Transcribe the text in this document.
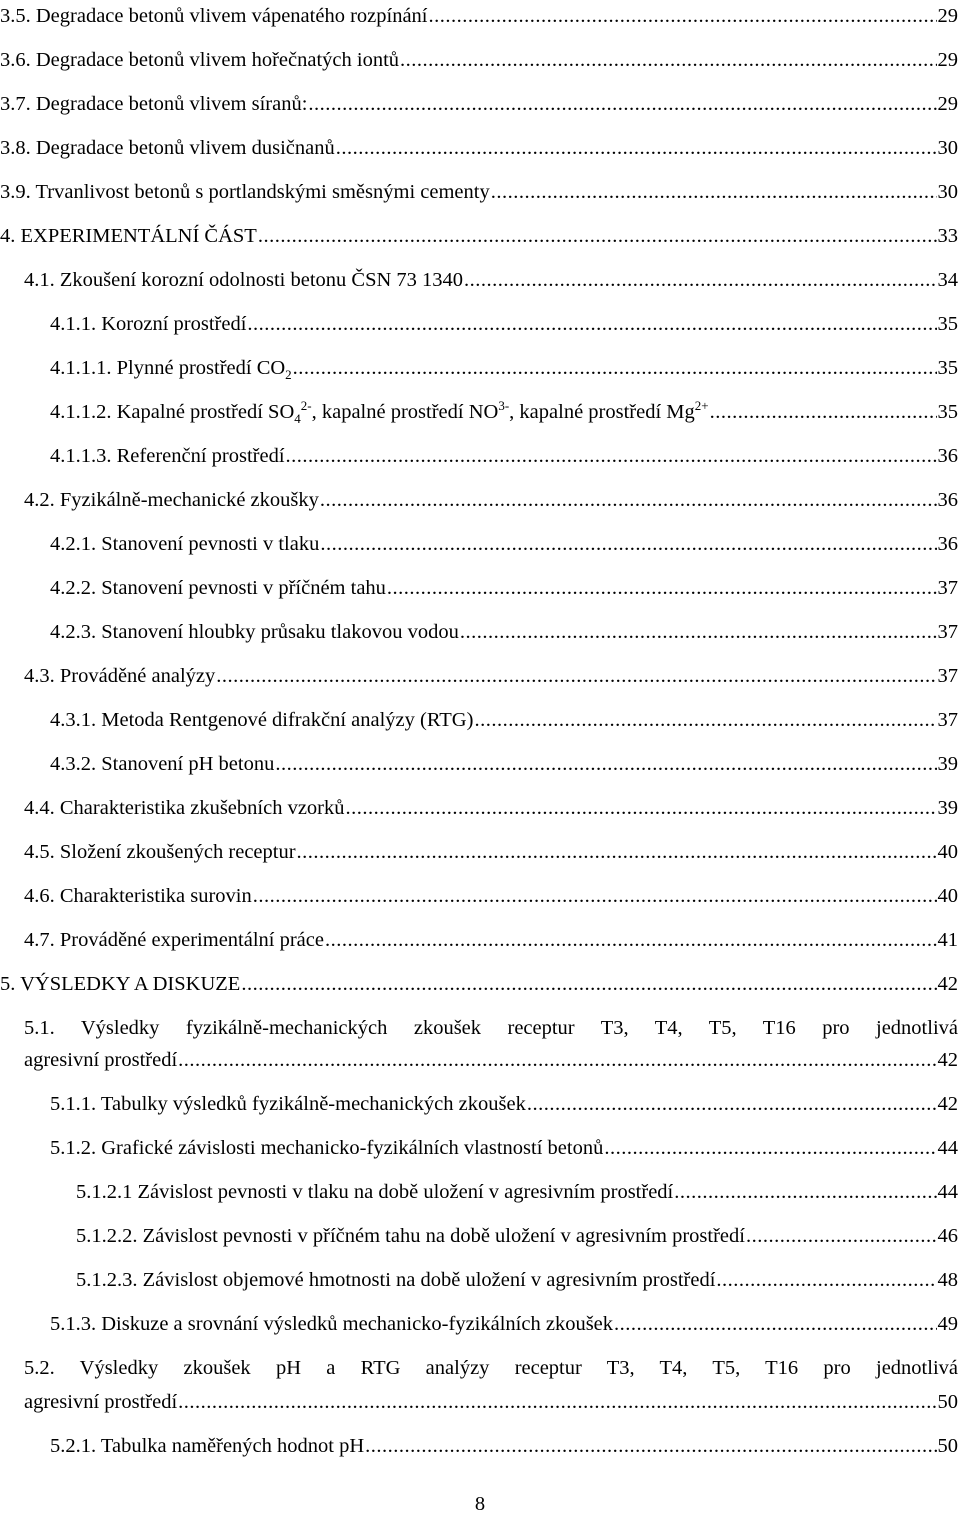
3.5. Degradace betonů vlivem vápenatého rozpínání .....	29
3.6. Degradace betonů vlivem hořečnatých iontů .....	29
3.7. Degradace betonů vlivem síranů: .....	29
3.8. Degradace betonů vlivem dusičnanů .....	30
3.9. Trvanlivost betonů s portlandskými směsnými cementy .....	30
4. EXPERIMENTÁLNÍ ČÁST .....	33
4.1. Zkoušení korozní odolnosti betonu ČSN 73 1340 .....	34
4.1.1. Korozní prostředí .....	35
4.1.1.1. Plynné prostředí $CO_2$ .....	35
4.1.1.2. Kapalné prostředí $SO_4^{2-}$, kapalné prostředí $NO^{3-}$, kapalné prostředí $Mg^{2+}$ .....	35
4.1.1.3. Referenční prostředí .....	36
4.2. Fyzikálně-mechanické zkoušky .....	36
4.2.1. Stanovení pevnosti v tlaku .....	36
4.2.2. Stanovení pevnosti v příčném tahu .....	37
4.2.3. Stanovení hloubky průsaku tlakovou vodou .....	37
4.3. Prováděné analýzy .....	37
4.3.1. Metoda Rentgenové difrakční analýzy (RTG) .....	37
4.3.2. Stanovení pH betonu .....	39
4.4. Charakteristika zkušebních vzorků .....	39
4.5. Složení zkoušených receptur .....	40
4.6. Charakteristika surovin .....	40
4.7. Prováděné experimentální práce .....	41
5. VÝSLEDKY A DISKUZE .....	42
5.1. Výsledky fyzikálně-mechanických zkoušek receptur T3, T4, T5, T16 pro jednotlivá
agresivní prostředí .....	42
5.1.1. Tabulky výsledků fyzikálně-mechanických zkoušek .....	42
5.1.2. Grafické závislosti mechanicko-fyzikálních vlastností betonů .....	44
5.1.2.1 Závislost pevnosti v tlaku na době uložení v agresivním prostředí .....	44
5.1.2.2. Závislost pevnosti v příčném tahu na době uložení v agresivním prostředí .....	46
5.1.2.3. Závislost objemové hmotnosti na době uložení v agresivním prostředí .....	48
5.1.3. Diskuze a srovnání výsledků mechanicko-fyzikálních zkoušek .....	49
5.2. Výsledky zkoušek pH a RTG analýzy receptur T3, T4, T5, T16 pro jednotlivá
agresivní prostředí .....	50
5.2.1. Tabulka naměřených hodnot pH .....	50
8
